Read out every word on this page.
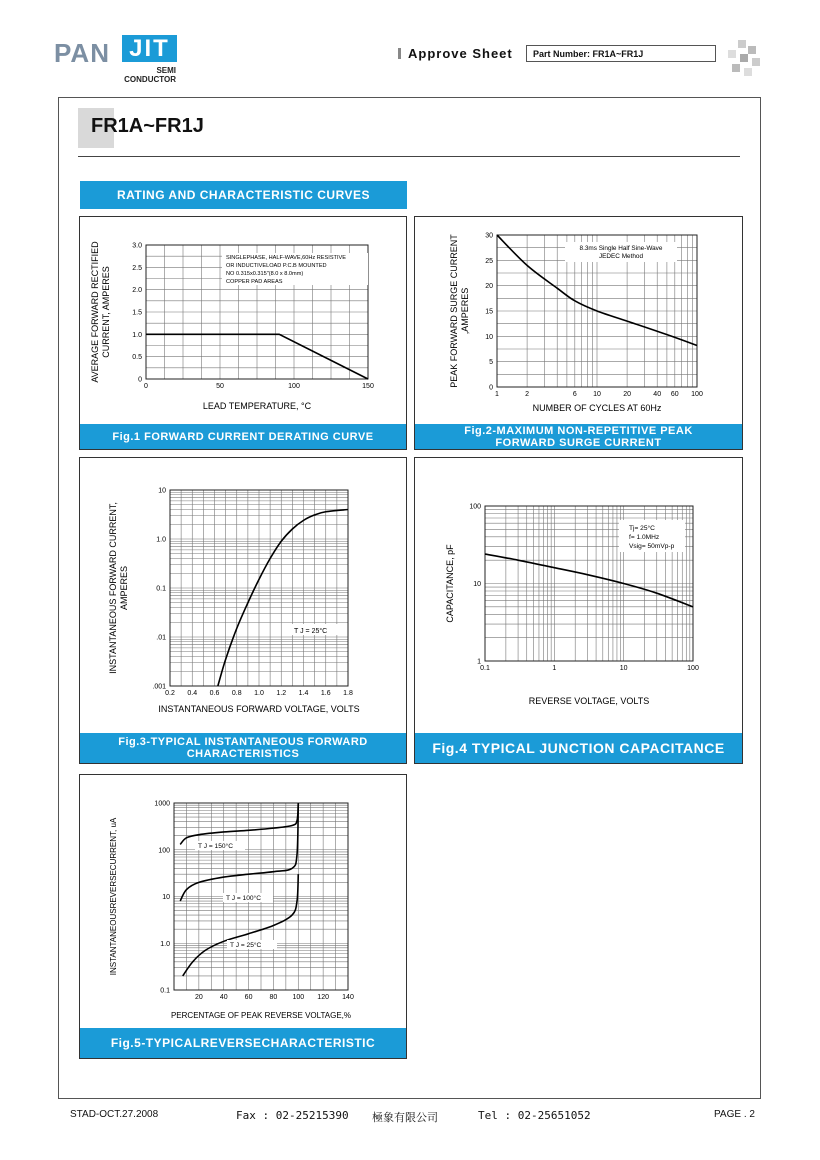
PAN JIT
SEMI
CONDUCTOR
Approve Sheet	Part Number: FR1A~FR1J
FR1A~FR1J
RATING AND CHARACTERISTIC CURVES
0	50	100	150
0
0.5
1.0
1.5
2.0
2.5
3.0
LEAD TEMPERATURE, °C
AVERAGE FORWARD RECTIFIED CURRENT, AMPERES
SINGLEPHASE, HALF-WAVE,60Hz RESISTIVE
OR INDUCTIVELOAD P.C.B MOUNTED
NO 0.315x0.315"(8.0 x 8.0mm)
COPPER PAD AREAS
Fig.1 FORWARD CURRENT DERATING CURVE
1	2	6 10	20	40 60 100
0
5
10
15
20
25
30
NUMBER OF CYCLES AT 60Hz
PEAK FORWARD SURGE CURRENT ,AMPERES
8.3ms Single Half Sine-Wave
JEDEC Method
Fig.2-MAXIMUM NON-REPETITIVE PEAK
FORWARD SURGE CURRENT
0.2 0.4 0.6 0.8 1.0 1.2 1.4 1.6 1.8
.001
.01
0.1
1.0
10
INSTANTANEOUS FORWARD VOLTAGE, VOLTS
INSTANTANEOUS FORWARD CURRENT, AMPERES
T J = 25°C
Fig.3-TYPICAL INSTANTANEOUS FORWARD
CHARACTERISTICS
0.1	1	10	100
1
10
100
REVERSE VOLTAGE, VOLTS
CAPACITANCE, pF
Tj= 25°C
f= 1.0MHz
Vsig= 50mVp-p
Fig.4 TYPICAL JUNCTION CAPACITANCE
20 40 60 80 100 120 140
0.1
1.0
10
100
1000
PERCENTAGE OF PEAK REVERSE VOLTAGE,%
INSTANTANEOUSREVERSECURRENT, uA	T J = 150°C
T J = 100°C
T J = 25°C
Fig.5-TYPICALREVERSECHARACTERISTIC
STAD-OCT.27.2008	Fax : 02-25215390 極象有限公司	Tel : 02-25651052	PAGE . 2
